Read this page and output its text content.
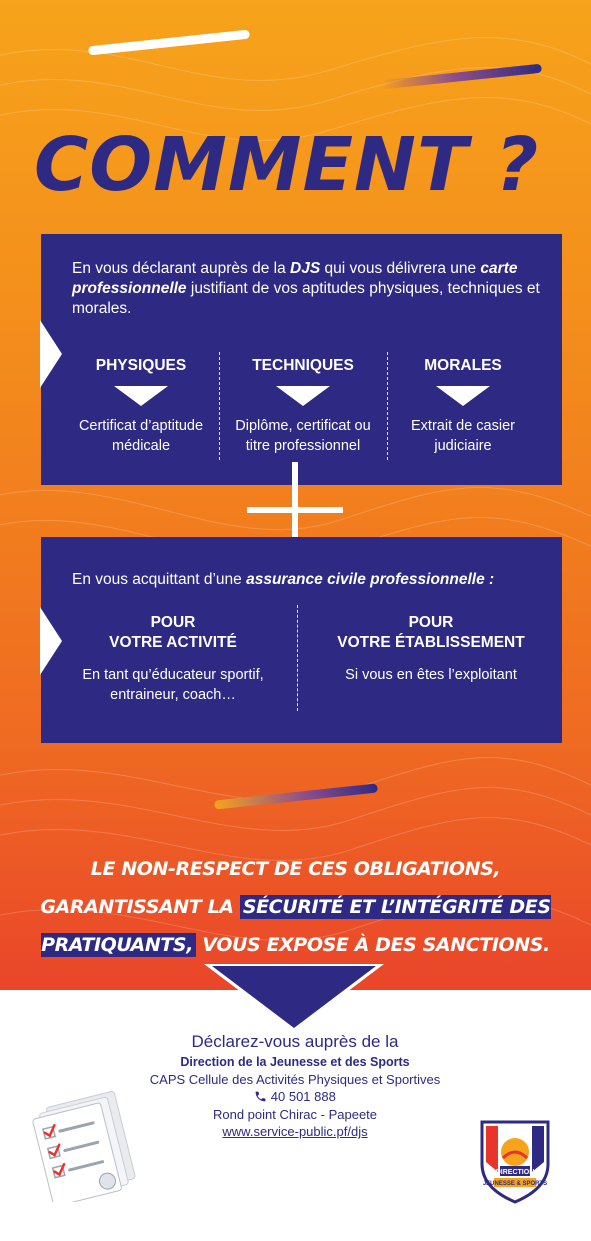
COMMENT ?
En vous déclarant auprès de la DJS qui vous délivrera une carte professionnelle justifiant de vos aptitudes physiques, techniques et morales.
PHYSIQUES
Certificat d’aptitude médicale
TECHNIQUES
Diplôme, certificat ou titre professionnel
MORALES
Extrait de casier judiciaire
En vous acquittant d’une assurance civile professionnelle :
POUR
VOTRE ACTIVITÉ
En tant qu’éducateur sportif, entraineur, coach…
POUR
VOTRE ÉTABLISSEMENT
Si vous en êtes l’exploitant
LE NON-RESPECT DE CES OBLIGATIONS, GARANTISSANT LA SÉCURITÉ ET L’INTÉGRITÉ DES PRATIQUANTS, VOUS EXPOSE À DES SANCTIONS.
Déclarez-vous auprès de la
Direction de la Jeunesse et des Sports
CAPS Cellule des Activités Physiques et Sportives
40 501 888
Rond point Chirac - Papeete
www.service-public.pf/djs
DIRECTION
JEUNESSE & SPORTS
